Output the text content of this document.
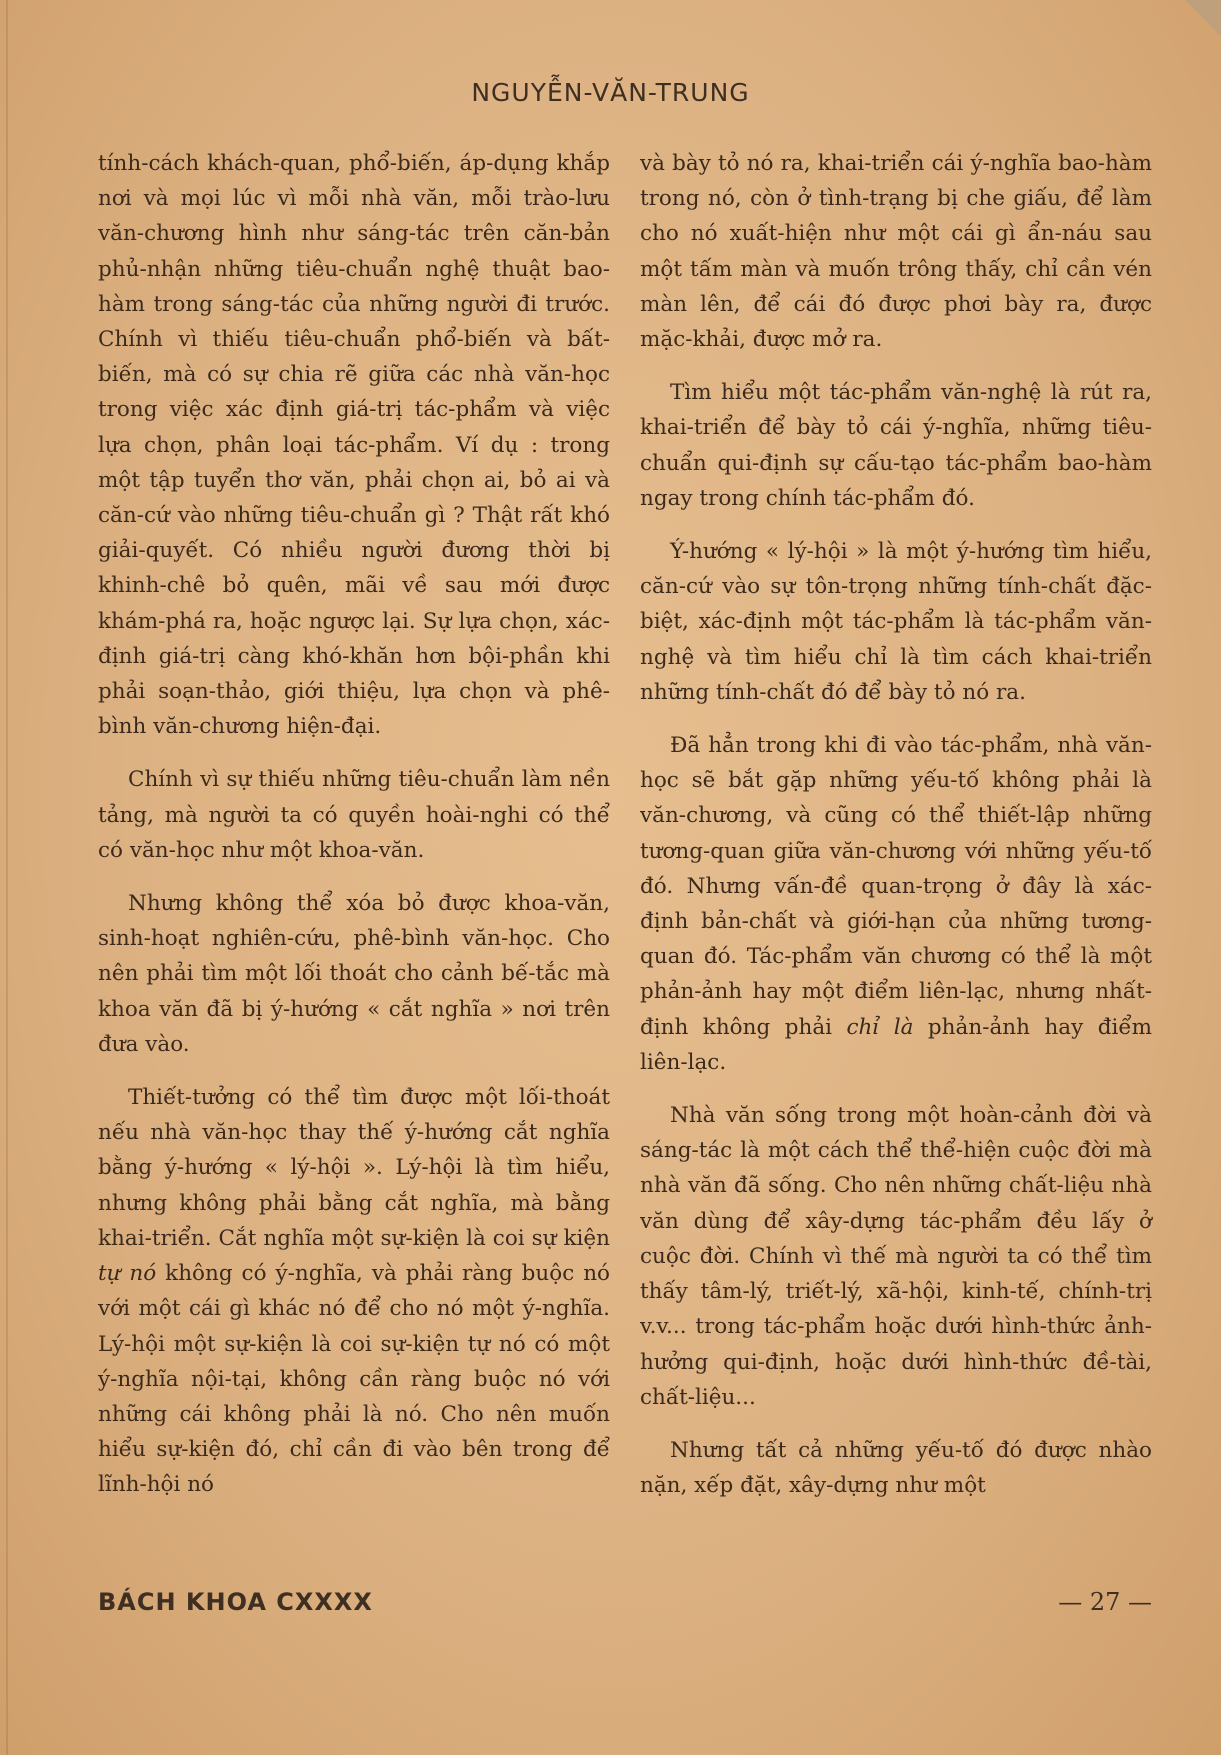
NGUYỄN-VĂN-TRUNG

tính-cách khách-quan, phổ-biến, áp-dụng khắp nơi và mọi lúc vì mỗi nhà văn, mỗi trào-lưu văn-chương hình như sáng-tác trên căn-bản phủ-nhận những tiêu-chuẩn nghệ thuật bao-hàm trong sáng-tác của những người đi trước. Chính vì thiếu tiêu-chuẩn phổ-biến và bất-biến, mà có sự chia rẽ giữa các nhà văn-học trong việc xác định giá-trị tác-phẩm và việc lựa chọn, phân loại tác-phẩm. Ví dụ : trong một tập tuyển thơ văn, phải chọn ai, bỏ ai và căn-cứ vào những tiêu-chuẩn gì ? Thật rất khó giải-quyết. Có nhiều người đương thời bị khinh-chê bỏ quên, mãi về sau mới được khám-phá ra, hoặc ngược lại. Sự lựa chọn, xác-định giá-trị càng khó-khăn hơn bội-phần khi phải soạn-thảo, giới thiệu, lựa chọn và phê-bình văn-chương hiện-đại.

Chính vì sự thiếu những tiêu-chuẩn làm nền tảng, mà người ta có quyền hoài-nghi có thể có văn-học như một khoa-văn.

Nhưng không thể xóa bỏ được khoa-văn, sinh-hoạt nghiên-cứu, phê-bình văn-học. Cho nên phải tìm một lối thoát cho cảnh bế-tắc mà khoa văn đã bị ý-hướng « cắt nghĩa » nơi trên đưa vào.

Thiết-tưởng có thể tìm được một lối-thoát nếu nhà văn-học thay thế ý-hướng cắt nghĩa bằng ý-hướng « lý-hội ». Lý-hội là tìm hiểu, nhưng không phải bằng cắt nghĩa, mà bằng khai-triển. Cắt nghĩa một sự-kiện là coi sự kiện tự nó không có ý-nghĩa, và phải ràng buộc nó với một cái gì khác nó để cho nó một ý-nghĩa. Lý-hội một sự-kiện là coi sự-kiện tự nó có một ý-nghĩa nội-tại, không cần ràng buộc nó với những cái không phải là nó. Cho nên muốn hiểu sự-kiện đó, chỉ cần đi vào bên trong để lĩnh-hội nó

và bày tỏ nó ra, khai-triển cái ý-nghĩa bao-hàm trong nó, còn ở tình-trạng bị che giấu, để làm cho nó xuất-hiện như một cái gì ẩn-náu sau một tấm màn và muốn trông thấy, chỉ cần vén màn lên, để cái đó được phơi bày ra, được mặc-khải, được mở ra.

Tìm hiểu một tác-phẩm văn-nghệ là rút ra, khai-triển để bày tỏ cái ý-nghĩa, những tiêu-chuẩn qui-định sự cấu-tạo tác-phẩm bao-hàm ngay trong chính tác-phẩm đó.

Ý-hướng « lý-hội » là một ý-hướng tìm hiểu, căn-cứ vào sự tôn-trọng những tính-chất đặc-biệt, xác-định một tác-phẩm là tác-phẩm văn-nghệ và tìm hiểu chỉ là tìm cách khai-triển những tính-chất đó để bày tỏ nó ra.

Đã hẳn trong khi đi vào tác-phẩm, nhà văn-học sẽ bắt gặp những yếu-tố không phải là văn-chương, và cũng có thể thiết-lập những tương-quan giữa văn-chương với những yếu-tố đó. Nhưng vấn-đề quan-trọng ở đây là xác-định bản-chất và giới-hạn của những tương-quan đó. Tác-phẩm văn chương có thể là một phản-ảnh hay một điểm liên-lạc, nhưng nhất-định không phải chỉ là phản-ảnh hay điểm liên-lạc.

Nhà văn sống trong một hoàn-cảnh đời và sáng-tác là một cách thể thể-hiện cuộc đời mà nhà văn đã sống. Cho nên những chất-liệu nhà văn dùng để xây-dựng tác-phẩm đều lấy ở cuộc đời. Chính vì thế mà người ta có thể tìm thấy tâm-lý, triết-lý, xã-hội, kinh-tế, chính-trị v.v... trong tác-phẩm hoặc dưới hình-thức ảnh-hưởng qui-định, hoặc dưới hình-thức đề-tài, chất-liệu...

Nhưng tất cả những yếu-tố đó được nhào nặn, xếp đặt, xây-dựng như một

BÁCH KHOA CXXXX	— 27 —
